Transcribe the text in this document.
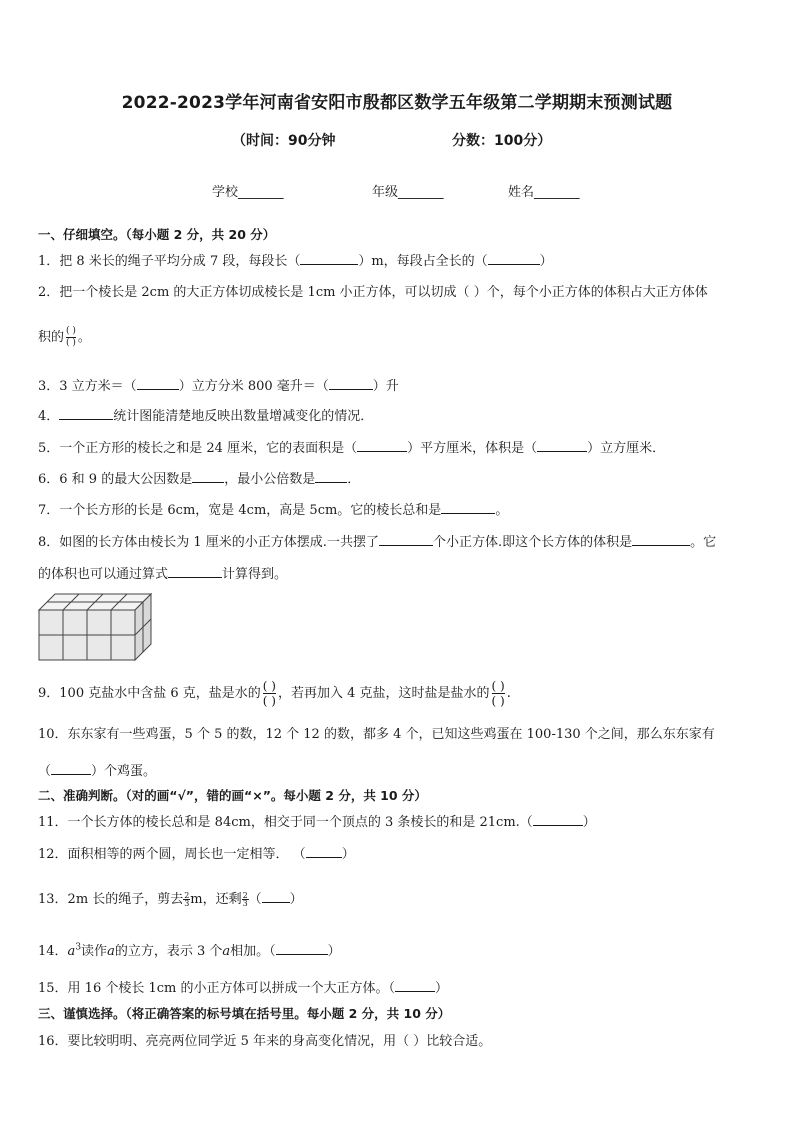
2022-2023学年河南省安阳市殷都区数学五年级第二学期期末预测试题
（时间：90分钟	分数：100分）
学校_______	年级_______	姓名_______
一、仔细填空。（每小题 2 分，共 20 分）
1．把 8 米长的绳子平均分成 7 段，每段长（	）m，每段占全长的（	）
2．把一个棱长是 2cm 的大正方体切成棱长是 1cm 小正方体，可以切成（ ）个，每个小正方体的体积占大正方体体
积的 $\frac{( )}{( )}$ 。
3．3 立方米＝（	）立方分米 800 毫升＝（	）升
4．	统计图能清楚地反映出数量增减变化的情况．
5．一个正方形的棱长之和是 24 厘米，它的表面积是（	）平方厘米，体积是（	）立方厘米．
6．6 和 9 的最大公因数是 ，最小公倍数是 ．
7．一个长方形的长是 6cm，宽是 4cm，高是 5cm。它的棱长总和是	。
8．如图的长方体由棱长为 1 厘米的小正方体摆成.一共摆了	个小正方体.即这个长方体的体积是	。它
的体积也可以通过算式	计算得到。
9．100 克盐水中含盐 6 克，盐是水的 $\frac{( )}{( )}$ ，若再加入 4 克盐，这时盐是盐水的 $\frac{( )}{( )}$ .
10．东东家有一些鸡蛋，5 个 5 的数，12 个 12 的数，都多 4 个，已知这些鸡蛋在 100-130 个之间，那么东东家有
（	）个鸡蛋。
二、准确判断。（对的画“√”，错的画“×”。每小题 2 分，共 10 分）
11．一个长方体的棱长总和是 84cm，相交于同一个顶点的 3 条棱长的和是 21cm.（	）
12．面积相等的两个圆，周长也一定相等． （	）
13．2m 长的绳子，剪去$\frac{2}{3}m$，还剩$\frac{2}{3}$（ ）
14．$a^3$读作a的立方，表示 3 个a相加。（	）
15．用 16 个棱长 1cm 的小正方体可以拼成一个大正方体。（	）
三、谨慎选择。（将正确答案的标号填在括号里。每小题 2 分，共 10 分）
16．要比较明明、亮亮两位同学近 5 年来的身高变化情况，用（ ）比较合适。
